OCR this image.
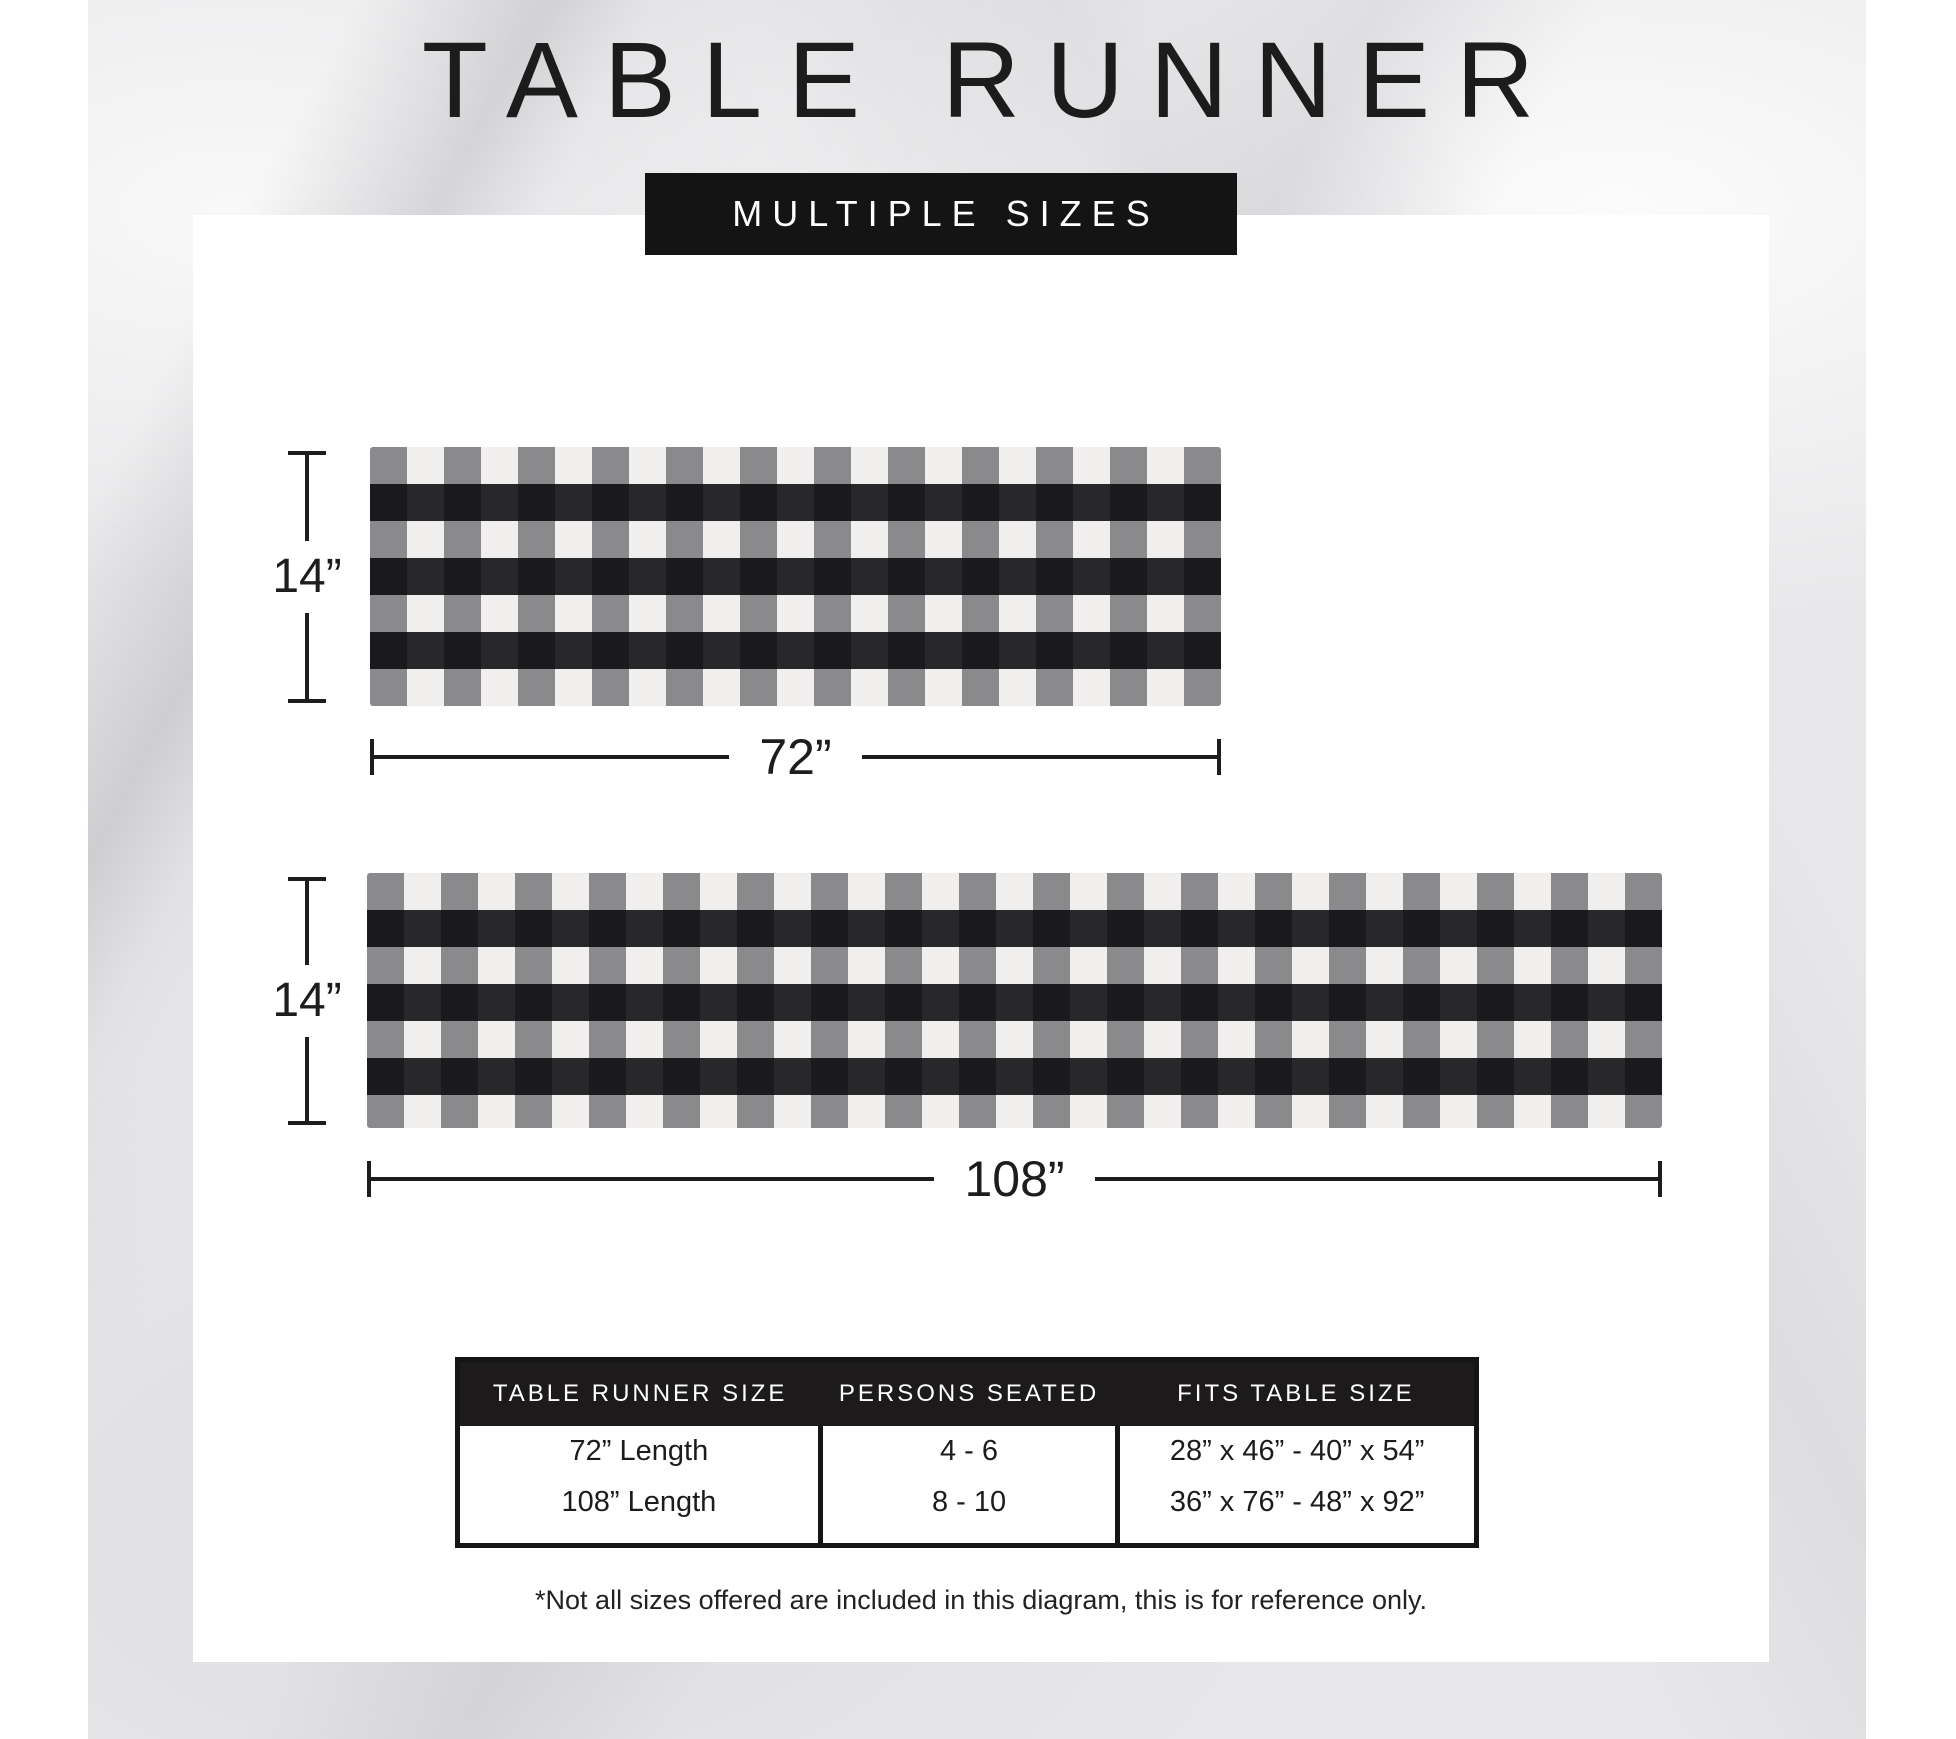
TABLE RUNNER
MULTIPLE SIZES
14”
72”
14”
108”
TABLE RUNNER SIZE	PERSONS SEATED	FITS TABLE SIZE
72” Length	4 - 6	28” x 46” - 40” x 54”
108” Length	8 - 10	36” x 76” - 48” x 92”

*Not all sizes offered are included in this diagram, this is for reference only.
